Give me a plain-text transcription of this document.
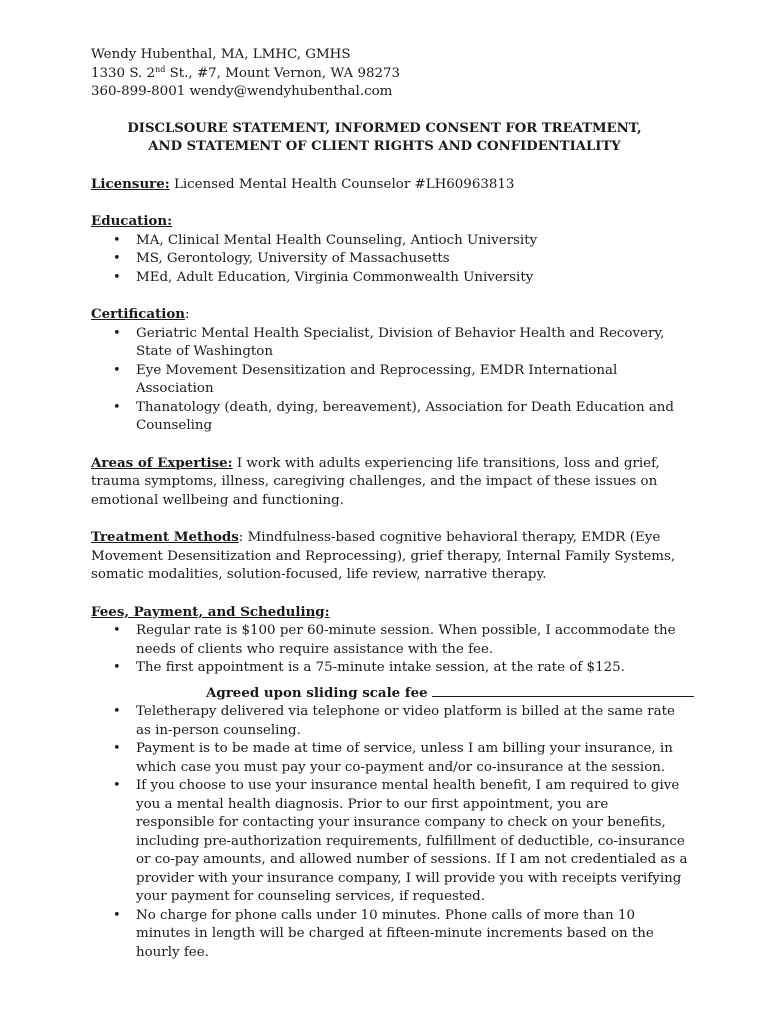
Wendy Hubenthal, MA, LMHC, GMHS

1330 S. 2nd St., #7, Mount Vernon, WA 98273

360-899-8001 wendy@wendyhubenthal.com

DISCLSOURE STATEMENT, INFORMED CONSENT FOR TREATMENT,

AND STATEMENT OF CLIENT RIGHTS AND CONFIDENTIALITY

Licensure: Licensed Mental Health Counselor #LH60963813

Education:

• MA, Clinical Mental Health Counseling, Antioch University
• MS, Gerontology, University of Massachusetts
• MEd, Adult Education, Virginia Commonwealth University

Certification:

• Geriatric Mental Health Specialist, Division of Behavior Health and Recovery, State of Washington
• Eye Movement Desensitization and Reprocessing, EMDR International Association
• Thanatology (death, dying, bereavement), Association for Death Education and Counseling

Areas of Expertise: I work with adults experiencing life transitions, loss and grief, trauma symptoms, illness, caregiving challenges, and the impact of these issues on emotional wellbeing and functioning.

Treatment Methods: Mindfulness-based cognitive behavioral therapy, EMDR (Eye Movement Desensitization and Reprocessing), grief therapy, Internal Family Systems, somatic modalities, solution-focused, life review, narrative therapy.

Fees, Payment, and Scheduling:

• Regular rate is $100 per 60-minute session. When possible, I accommodate the needs of clients who require assistance with the fee.
• The first appointment is a 75-minute intake session, at the rate of $125.

Agreed upon sliding scale fee

• Teletherapy delivered via telephone or video platform is billed at the same rate as in-person counseling.
• Payment is to be made at time of service, unless I am billing your insurance, in which case you must pay your co-payment and/or co-insurance at the session.
• If you choose to use your insurance mental health benefit, I am required to give you a mental health diagnosis. Prior to our first appointment, you are responsible for contacting your insurance company to check on your benefits, including pre-authorization requirements, fulfillment of deductible, co-insurance or co-pay amounts, and allowed number of sessions. If I am not credentialed as a provider with your insurance company, I will provide you with receipts verifying your payment for counseling services, if requested.
• No charge for phone calls under 10 minutes. Phone calls of more than 10 minutes in length will be charged at fifteen-minute increments based on the hourly fee.
